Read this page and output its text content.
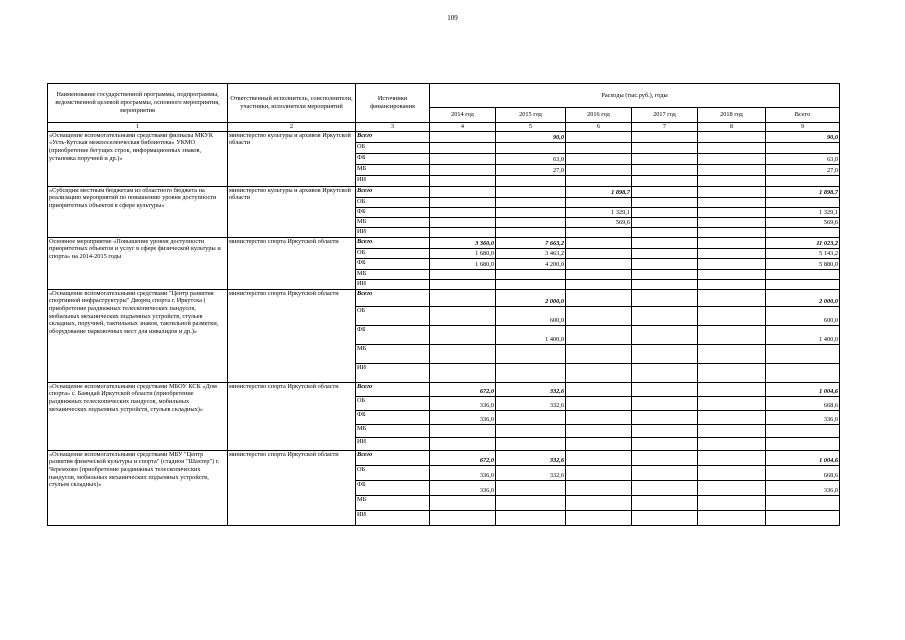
109
Наименование государственной программы, подпрограммы, ведомственной целевой программы, основного мероприятия, мероприятия	Ответственный исполнитель, соисполнители, участники, исполнители мероприятий	Источники финансирования	Расходы (тыс.руб.), годы					
			2014 год	2015 год	2016 год	2017 год	2018 год	Всего
1	2	3	4	5	6	7	8	9
«Оснащение вспомогательными средствами филиалы МКУК «Усть-Кутская межпоселенческая библиотека» УКМО (приобретение бегущих строк, информационных знаков, установка поручней и др.)»	министерство культуры и архивов Иркутской области	Всего		90,0				90,0
		ОБ						
		ФБ		63,0				63,0
		МБ		27,0				27,0
		ИИ						
«Субсидии местным бюджетам из областного бюджета на реализацию мероприятий по повышению уровня доступности приоритетных объектов в сфере культуры»	министерство культуры и архивов Иркутской области	Всего			1 898,7			1 898,7
		ОБ						
		ФБ			1 329,1			1 329,1
		МБ			569,6			569,6
		ИИ						
Основное мероприятие «Повышение уровня доступности приоритетных объектов и услуг в сфере физической культуры и спорта» на 2014-2015 годы	министерство спорта Иркутской области	Всего	3 360,0	7 663,2				11 023,2
		ОБ	1 680,0	3 463,2				5 143,2
		ФБ	1 680,0	4 200,0				5 880,0
		МБ						
		ИИ						
«Оснащение вспомогательными средствами "Центр развития спортивной инфраструктуры" Дворец спорта г. Иркутска ( приобретение раздвижных телескопических пандусов, мобильных механических подъемных устройств, стульев складных, поручней, тактильных знаков, тактильной разметки, оборудование парковочных мест для инвалидов и др.)»	министерство спорта Иркутской области	Всего		2 000,0				2 000,0
		ОБ		600,0				600,0
		ФБ		1 400,0				1 400,0
		МБ						
		ИИ						
«Оснащение вспомогательными средствами МБОУ КСК «Дом спорта» с. Баяндай Иркутской области (приобретение раздвижных телескопических пандусов, мобильных механических подъемных устройств, стульев складных)»	министерство спорта Иркутской области	Всего	672,0	332,6				1 004,6
		ОБ	336,0	332,6				668,6
		ФБ	336,0					336,0
		МБ						
		ИИ						
«Оснащение вспомогательными средствами МБУ "Центр развития физической культуры и спорта" (стадион "Шахтер") г. Черемхово (приобретение раздвижных телескопических пандусов, мобильных механических подъемных устройств, стульев складных)»	министерство спорта Иркутской области	Всего	672,0	332,6				1 004,6
		ОБ	336,0	332,6				668,6
		ФБ	336,0					336,0
		МБ						
		ИИ						
